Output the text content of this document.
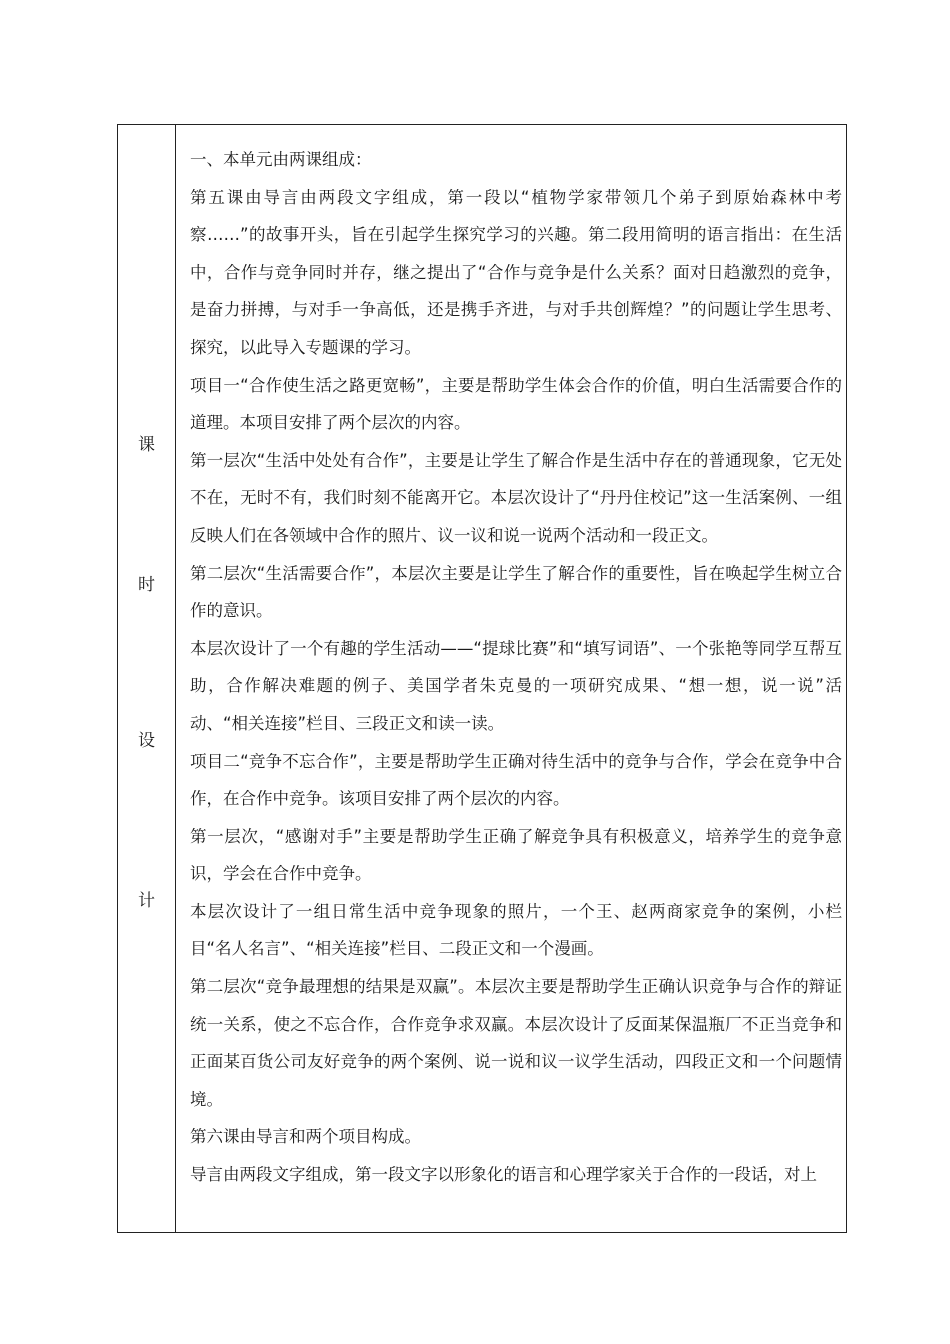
课
时
设
计

一、本单元由两课组成：

第五课由导言由两段文字组成，第一段以“植物学家带领几个弟子到原始森林中考察……”的故事开头，旨在引起学生探究学习的兴趣。第二段用简明的语言指出：在生活中，合作与竞争同时并存，继之提出了“合作与竞争是什么关系？面对日趋激烈的竞争，是奋力拼搏，与对手一争高低，还是携手齐进，与对手共创辉煌？”的问题让学生思考、探究，以此导入专题课的学习。

项目一“合作使生活之路更宽畅”，主要是帮助学生体会合作的价值，明白生活需要合作的道理。本项目安排了两个层次的内容。

第一层次“生活中处处有合作”，主要是让学生了解合作是生活中存在的普通现象，它无处不在，无时不有，我们时刻不能离开它。本层次设计了“丹丹住校记”这一生活案例、一组反映人们在各领域中合作的照片、议一议和说一说两个活动和一段正文。

第二层次“生活需要合作”，本层次主要是让学生了解合作的重要性，旨在唤起学生树立合作的意识。

本层次设计了一个有趣的学生活动——“提球比赛”和“填写词语”、一个张艳等同学互帮互助，合作解决难题的例子、美国学者朱克曼的一项研究成果、“想一想，说一说”活动、“相关连接”栏目、三段正文和读一读。

项目二“竞争不忘合作”，主要是帮助学生正确对待生活中的竞争与合作，学会在竞争中合作，在合作中竞争。该项目安排了两个层次的内容。

第一层次，“感谢对手”主要是帮助学生正确了解竞争具有积极意义，培养学生的竞争意识，学会在合作中竞争。

本层次设计了一组日常生活中竞争现象的照片，一个王、赵两商家竞争的案例，小栏目“名人名言”、“相关连接”栏目、二段正文和一个漫画。

第二层次“竞争最理想的结果是双赢”。本层次主要是帮助学生正确认识竞争与合作的辩证统一关系，使之不忘合作，合作竞争求双赢。本层次设计了反面某保温瓶厂不正当竞争和正面某百货公司友好竞争的两个案例、说一说和议一议学生活动，四段正文和一个问题情境。

第六课由导言和两个项目构成。

导言由两段文字组成，第一段文字以形象化的语言和心理学家关于合作的一段话，对上
